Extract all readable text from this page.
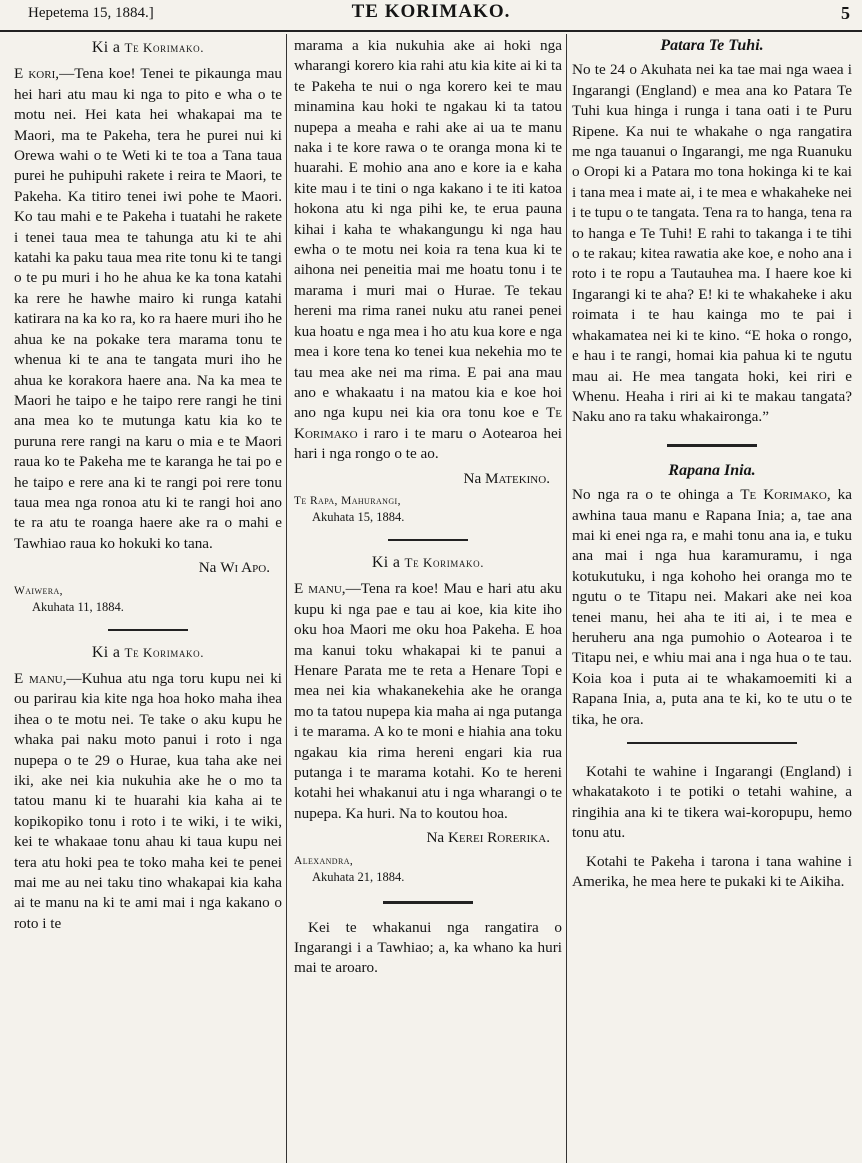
Hepetema 15, 1884.]	TE KORIMAKO.	5
Ki a Te Korimako.

E kori,—Tena koe! Tenei te pikaunga mau hei hari atu mau ki nga to pito e wha o te motu nei. Hei kata hei whakapai ma te Maori, ma te Pakeha, tera he purei nui ki Orewa wahi o te Weti ki te toa a Tana taua purei he puhipuhi rakete i reira te Maori, te Pakeha. Ka titiro tenei iwi pohe te Maori. Ko tau mahi e te Pakeha i tuatahi he rakete i tenei taua mea te tahunga atu ki te ahi katahi ka paku taua mea rite tonu ki te tangi o te pu muri i ho he ahua ke ka tona katahi ka rere he hawhe mairo ki runga katahi katirara na ka ko ra, ko ra haere muri iho he ahua ke na pokake tera marama tonu te whenua ki te ana te tangata muri iho he ahua ke korakora haere ana. Na ka mea te Maori he taipo e he taipo rere rangi he tini ana mea ko te mutunga katu kia ko te puruna rere rangi na karu o mia e te Maori raua ko te Pakeha me te karanga he tai po e he taipo e rere ana ki te rangi poi rere tonu taua mea nga ronoa atu ki te rangi hoi ano te ra atu te roanga haere ake ra o mahi e Tawhiao raua ko hokuki ko tana.

Na Wi Apo.
Waiwera,
Akuhata 11, 1884.
Ki a Te Korimako.

E manu,—Kuhua atu nga toru kupu nei ki ou parirau kia kite nga hoa hoko maha ihea ihea o te motu nei. Te take o aku kupu he whaka pai naku moto panui i roto i nga nupepa o te 29 o Hurae, kua taha ake nei iki, ake nei kia nukuhia ake he o mo ta tatou manu ki te huarahi kia kaha ai te kopikopiko tonu i roto i te wiki, i te wiki, kei te whakaae tonu ahau ki taua kupu nei tera atu hoki pea te toko maha kei te penei mai me au nei taku tino whakapai kia kaha ai te manu na ki te ami mai i nga kakano o roto i te

marama a kia nukuhia ake ai hoki nga wharangi korero kia rahi atu kia kite ai ki ta te Pakeha te nui o nga korero kei te mau minamina kau hoki te ngakau ki ta tatou nupepa a meaha e rahi ake ai ua te manu naka i te kore rawa o te oranga mona ki te huarahi. E mohio ana ano e kore ia e kaha kite mau i te tini o nga kakano i te iti katoa hokona atu ki nga pihi ke, te erua pauna kihai i kaha te whakangungu ki nga hau ewha o te motu nei koia ra tena kua ki te aihona nei peneitia mai me hoatu tonu i te marama i muri mai o Hurae. Te tekau hereni ma rima ranei nuku atu ranei penei kua hoatu e nga mea i ho atu kua kore e nga mea i kore tena ko tenei kua nekehia mo te tau mea ake nei ma rima. E pai ana mau ano e whakaatu i na matou kia e koe hoi ano nga kupu nei kia ora tonu koe e Te Korimako i raro i te maru o Aotearoa hei hari i nga rongo o te ao.

Na Matekino.
Te Rapa, Mahurangi,
Akuhata 15, 1884.
Ki a Te Korimako.

E manu,—Tena ra koe! Mau e hari atu aku kupu ki nga pae e tau ai koe, kia kite iho oku hoa Maori me oku hoa Pakeha. E hoa ma kanui toku whakapai ki te panui a Henare Parata me te reta a Henare Topi e mea nei kia whakanekehia ake he oranga mo ta tatou nupepa kia maha ai nga putanga i te marama. A ko te moni e hiahia ana toku ngakau kia rima hereni engari kia rua putanga i te marama kotahi. Ko te hereni kotahi hei whakanui atu i nga wharangi o te nupepa. Ka huri. Na to koutou hoa.

Na Kerei Rorerika.
Alexandra,
Akuhata 21, 1884.

Kei te whakanui nga rangatira o Ingarangi i a Tawhiao; a, ka whano ka huri mai te aroaro.

Patara Te Tuhi.

No te 24 o Akuhata nei ka tae mai nga waea i Ingarangi (England) e mea ana ko Patara Te Tuhi kua hinga i runga i tana oati i te Puru Ripene. Ka nui te whakahe o nga rangatira me nga tauanui o Ingarangi, me nga Ruanuku o Oropi ki a Patara mo tona hokinga ki te kai i tana mea i mate ai, i te mea e whakaheke nei i te tupu o te tangata. Tena ra to hanga, tena ra to hanga e Te Tuhi! E rahi to takanga i te tihi o te rakau; kitea rawatia ake koe, e noho ana i roto i te ropu a Tautauhea ma. I haere koe ki Ingarangi ki te aha? E! ki te whakaheke i aku roimata i te hau kainga mo te pai i whakamatea nei ki te kino. “E hoka o rongo, e hau i te rangi, homai kia pahua ki te ngutu mau ai. He mea tangata hoki, kei riri e Whenu. Heaha i riri ai ki te makau tangata? Naku ano ra taku whakaironga.”

Rapana Inia.

No nga ra o te ohinga a Te Korimako, ka awhina taua manu e Rapana Inia; a, tae ana mai ki enei nga ra, e mahi tonu ana ia, e tuku ana mai i nga hua karamuramu, i nga kotukutuku, i nga kohoho hei oranga mo te ngutu o te Titapu nei. Makari ake nei koa tenei manu, hei aha te iti ai, i te mea e heruheru ana nga pumohio o Aotearoa i te Titapu nei, e whiu mai ana i nga hua o te tau. Koia koa i puta ai te whakamoemiti ki a Rapana Inia, a, puta ana te ki, ko te utu o te tika, he ora.

Kotahi te wahine i Ingarangi (England) i whakatakoto i te potiki o tetahi wahine, a ringihia ana ki te tikera wai-koropupu, hemo tonu atu.

Kotahi te Pakeha i tarona i tana wahine i Amerika, he mea here te pukaki ki te Aikiha.
